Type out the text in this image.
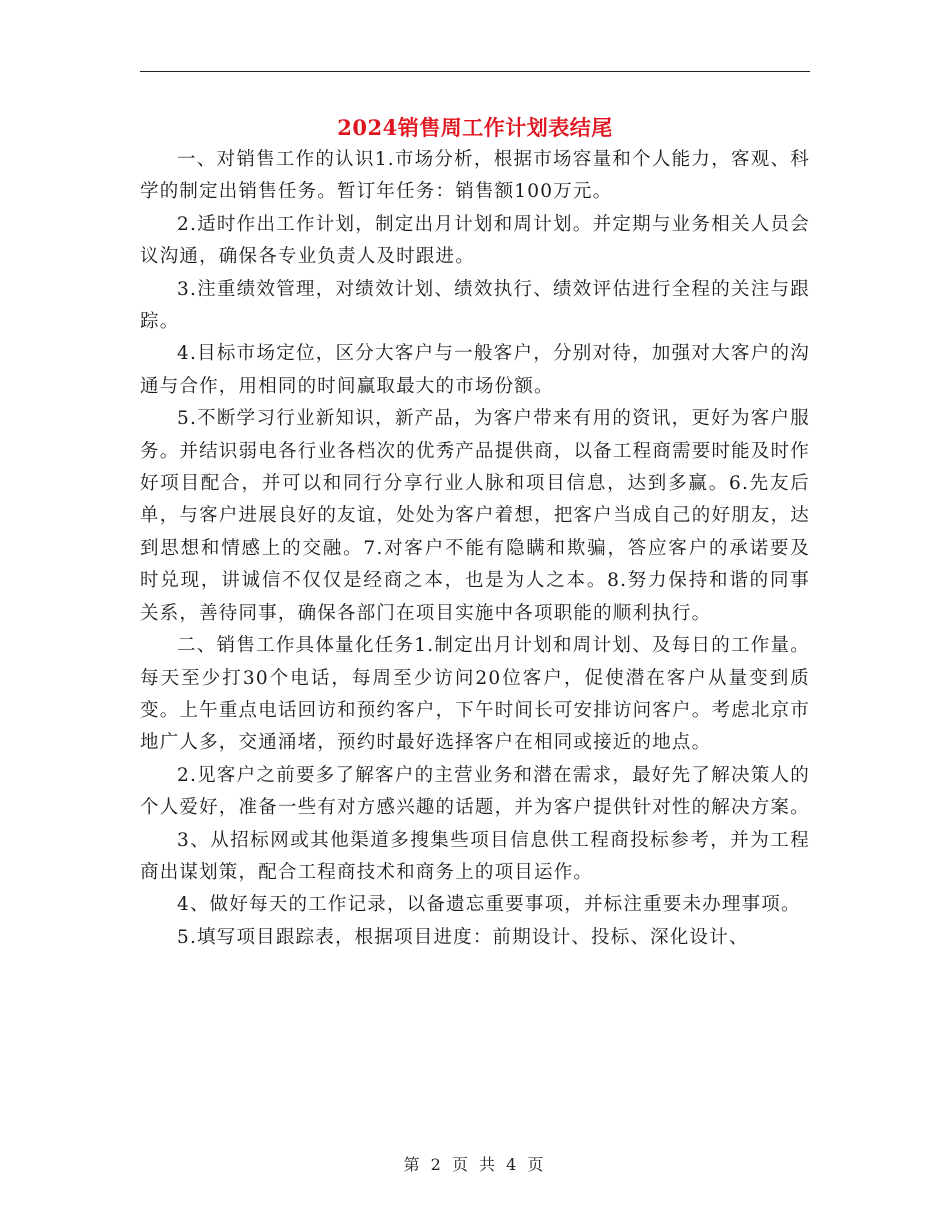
2024销售周工作计划表结尾

一、对销售工作的认识1.市场分析，根据市场容量和个人能力，客观、科学的制定出销售任务。暂订年任务：销售额100万元。

2.适时作出工作计划，制定出月计划和周计划。并定期与业务相关人员会议沟通，确保各专业负责人及时跟进。

3.注重绩效管理，对绩效计划、绩效执行、绩效评估进行全程的关注与跟踪。

4.目标市场定位，区分大客户与一般客户，分别对待，加强对大客户的沟通与合作，用相同的时间赢取最大的市场份额。

5.不断学习行业新知识，新产品，为客户带来有用的资讯，更好为客户服务。并结识弱电各行业各档次的优秀产品提供商，以备工程商需要时能及时作好项目配合，并可以和同行分享行业人脉和项目信息，达到多赢。6.先友后单，与客户进展良好的友谊，处处为客户着想，把客户当成自己的好朋友，达到思想和情感上的交融。7.对客户不能有隐瞒和欺骗，答应客户的承诺要及时兑现，讲诚信不仅仅是经商之本，也是为人之本。8.努力保持和谐的同事关系，善待同事，确保各部门在项目实施中各项职能的顺利执行。

二、销售工作具体量化任务1.制定出月计划和周计划、及每日的工作量。每天至少打30个电话，每周至少访问20位客户，促使潜在客户从量变到质变。上午重点电话回访和预约客户，下午时间长可安排访问客户。考虑北京市地广人多，交通涌堵，预约时最好选择客户在相同或接近的地点。

2.见客户之前要多了解客户的主营业务和潜在需求，最好先了解决策人的个人爱好，准备一些有对方感兴趣的话题，并为客户提供针对性的解决方案。

3、从招标网或其他渠道多搜集些项目信息供工程商投标参考，并为工程商出谋划策，配合工程商技术和商务上的项目运作。

4、做好每天的工作记录，以备遗忘重要事项，并标注重要未办理事项。

5.填写项目跟踪表，根据项目进度：前期设计、投标、深化设计、

第 2 页 共 4 页
